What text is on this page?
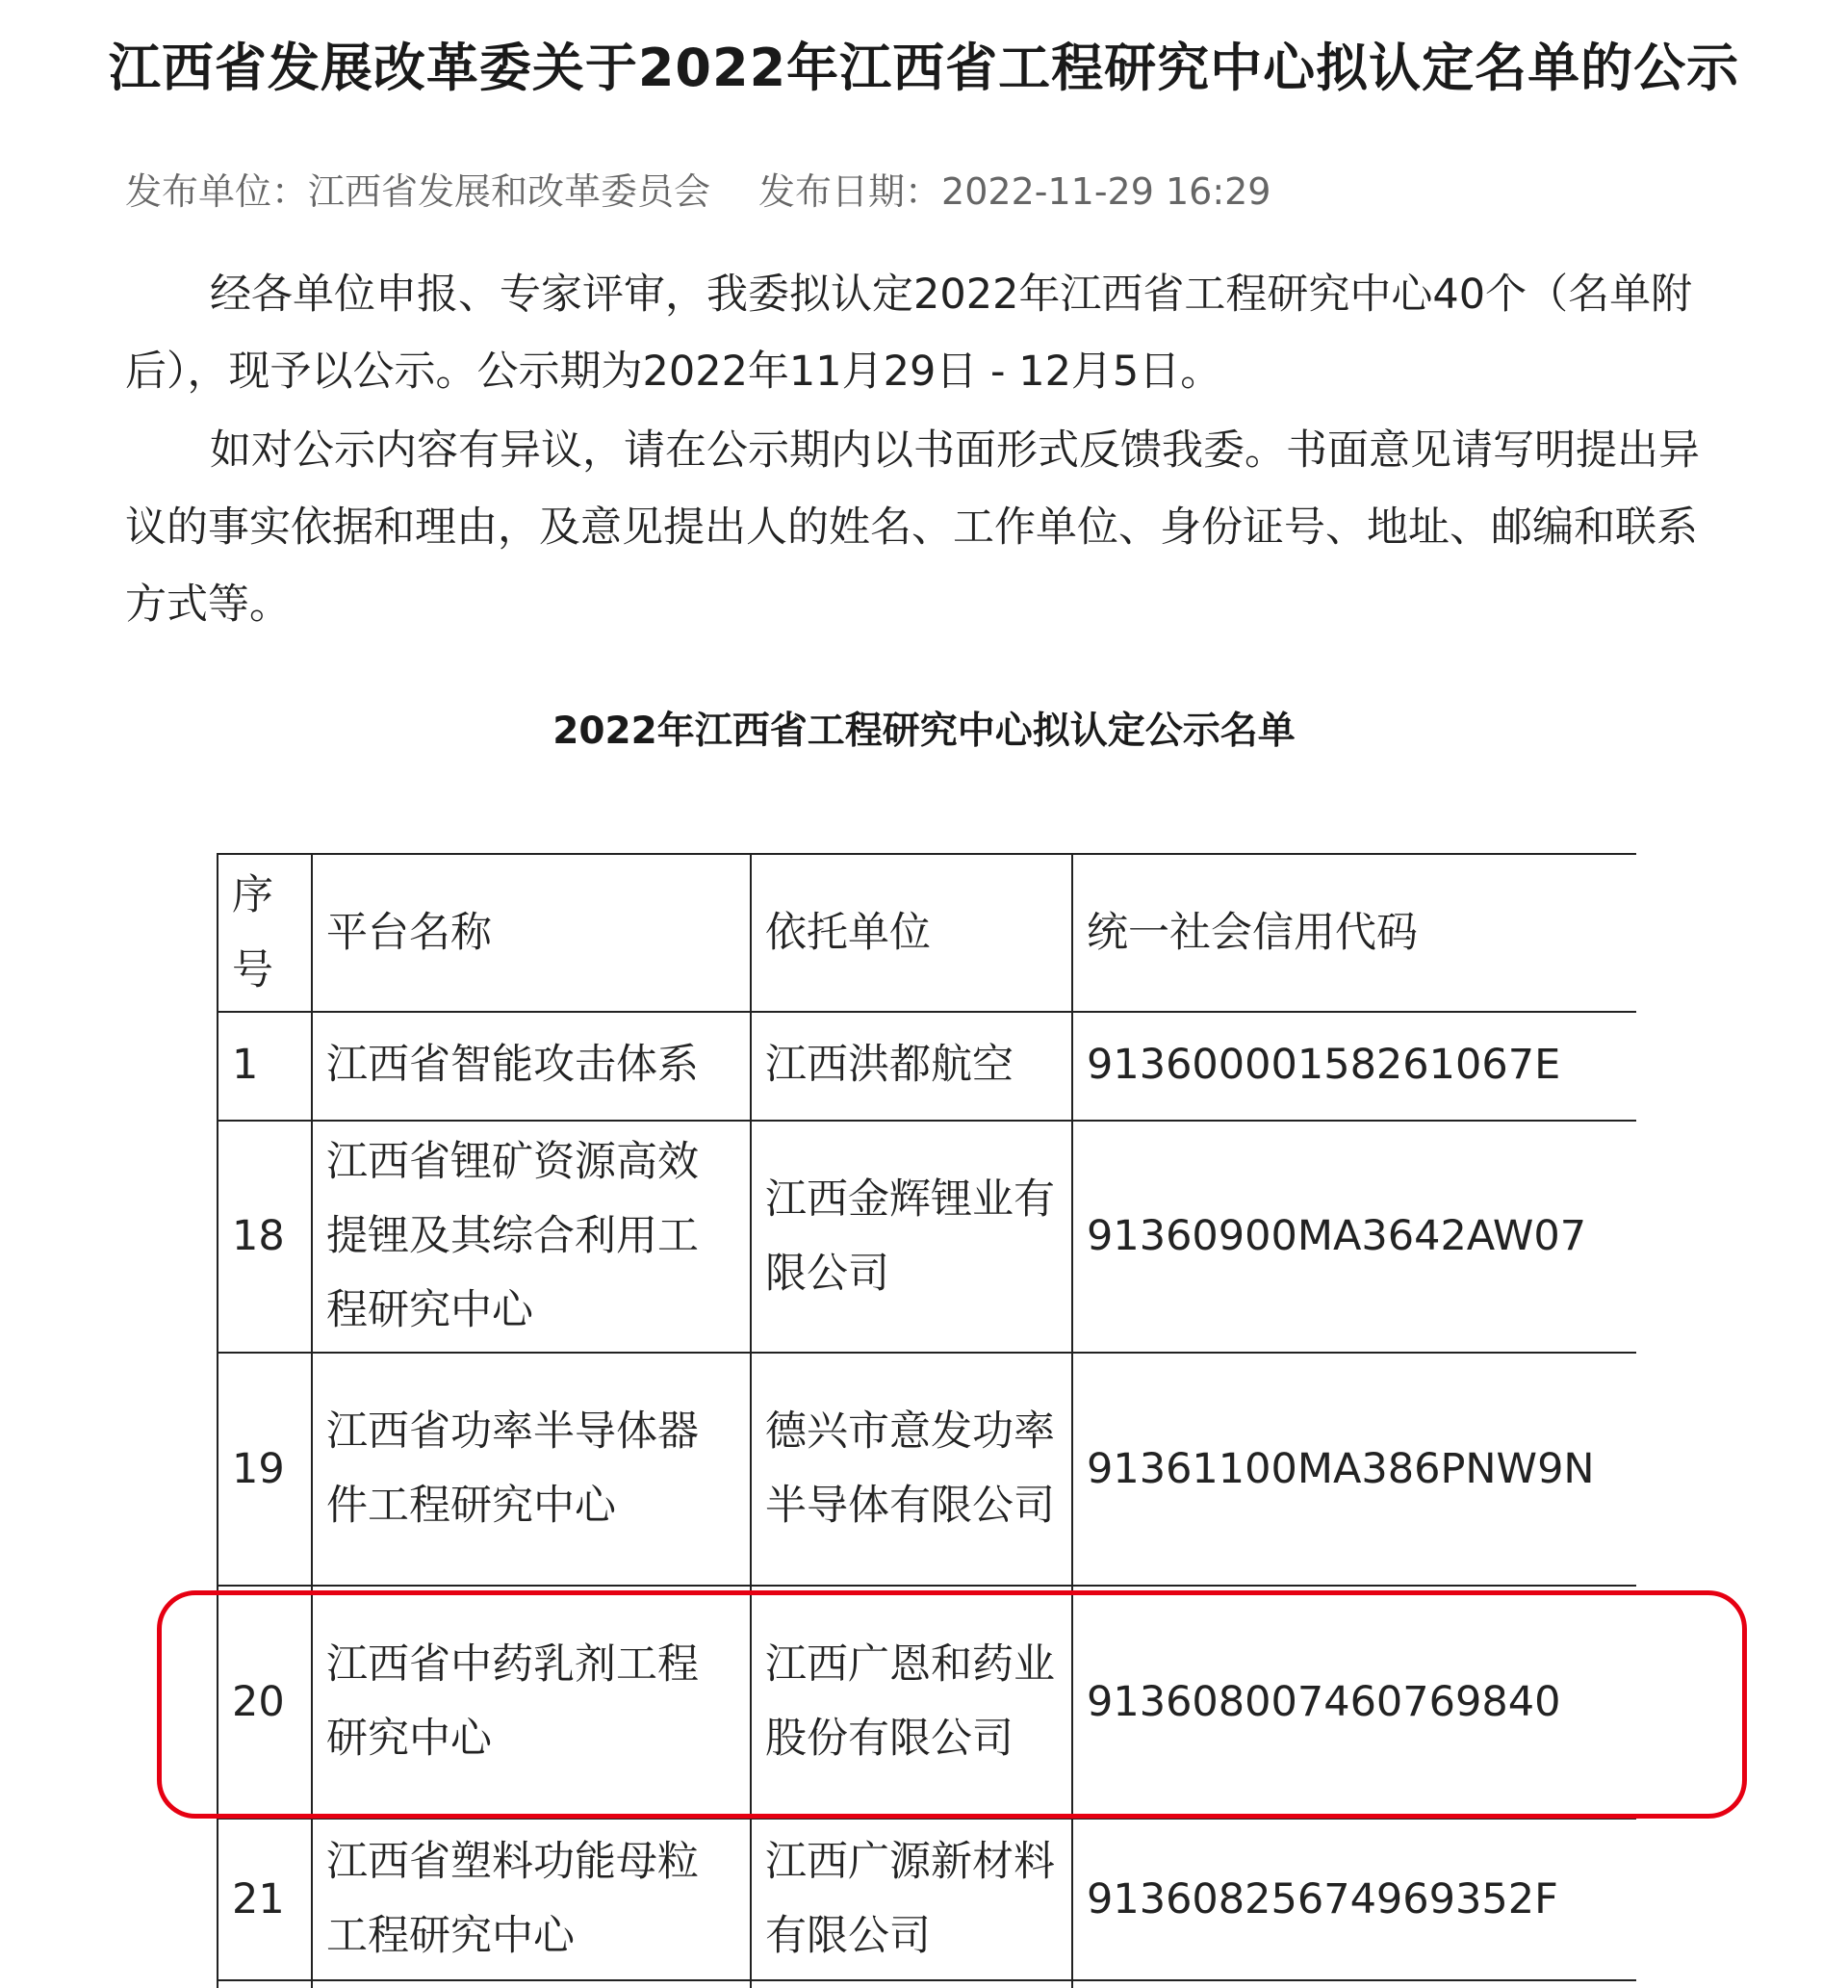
江西省发展改革委关于2022年江西省工程研究中心拟认定名单的公示
发布单位：江西省发展和改革委员会 发布日期：2022-11-29 16:29
经各单位申报、专家评审，我委拟认定2022年江西省工程研究中心40个（名单附后），现予以公示。公示期为2022年11月29日 - 12月5日。
如对公示内容有异议，请在公示期内以书面形式反馈我委。书面意见请写明提出异议的事实依据和理由，及意见提出人的姓名、工作单位、身份证号、地址、邮编和联系方式等。
2022年江西省工程研究中心拟认定公示名单
序号	平台名称	依托单位	统一社会信用代码

1	江西省智能攻击体系	江西洪都航空	91360000158261067E

18	江西省锂矿资源高效提锂及其综合利用工程研究中心	江西金辉锂业有限公司	91360900MA3642AW07
19	江西省功率半导体器件工程研究中心	德兴市意发功率半导体有限公司	91361100MA386PNW9N
20	江西省中药乳剂工程研究中心	江西广恩和药业股份有限公司	913608007460769840
21	江西省塑料功能母粒工程研究中心	江西广源新材料有限公司	91360825674969352F
